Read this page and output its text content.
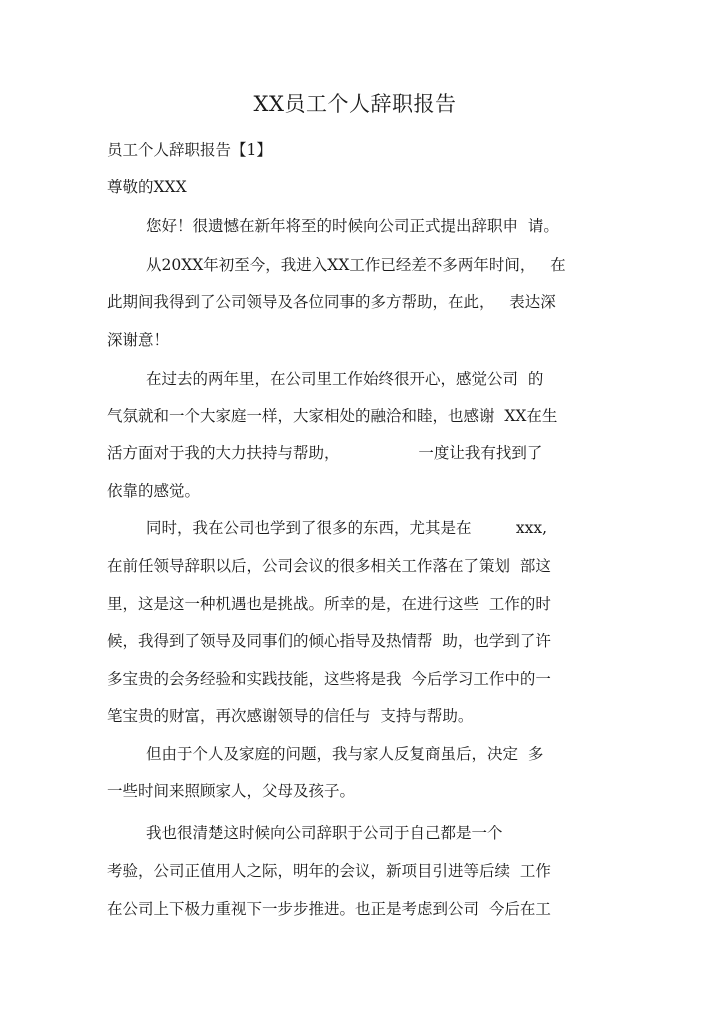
XX员工个人辞职报告
员工个人辞职报告【1】
尊敬的XXX
您好！很遗憾在新年将至的时候向公司正式提出辞职申  请。
从20XX年初至今，我进入XX工作已经差不多两年时间，   在
此期间我得到了公司领导及各位同事的多方帮助，在此，   表达深
深谢意！
在过去的两年里，在公司里工作始终很开心，感觉公司  的
气氛就和一个大家庭一样，大家相处的融洽和睦，也感谢  XX在生
活方面对于我的大力扶持与帮助，                一度让我有找到了
依靠的感觉。
同时，我在公司也学到了很多的东西，尤其是在         xxx,
在前任领导辞职以后，公司会议的很多相关工作落在了策划  部这
里，这是这一种机遇也是挑战。所幸的是，在进行这些  工作的时
候，我得到了领导及同事们的倾心指导及热情帮  助，也学到了许
多宝贵的会务经验和实践技能，这些将是我  今后学习工作中的一
笔宝贵的财富，再次感谢领导的信任与  支持与帮助。
但由于个人及家庭的问题，我与家人反复商虽后，决定  多
一些时间来照顾家人，父母及孩子。
我也很清楚这时候向公司辞职于公司于自己都是一个
考验，公司正值用人之际，明年的会议，新项目引进等后续  工作
在公司上下极力重视下一步步推进。也正是考虑到公司  今后在工
